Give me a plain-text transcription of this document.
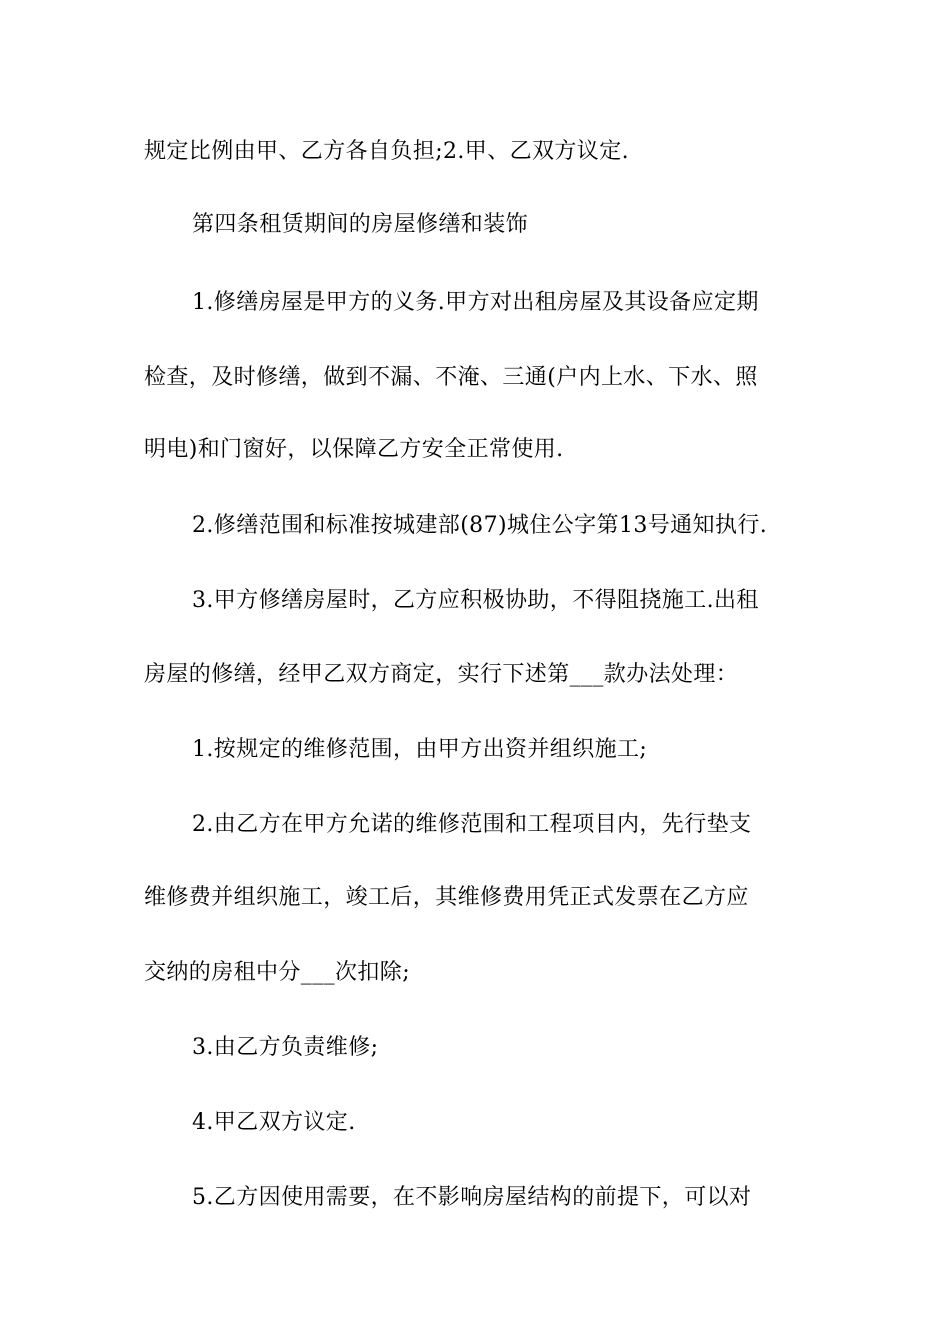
规定比例由甲、乙方各自负担;2.甲、乙双方议定.
第四条租赁期间的房屋修缮和装饰
1.修缮房屋是甲方的义务.甲方对出租房屋及其设备应定期
检查，及时修缮，做到不漏、不淹、三通(户内上水、下水、照
明电)和门窗好，以保障乙方安全正常使用.
2.修缮范围和标准按城建部(87)城住公字第13号通知执行.
3.甲方修缮房屋时，乙方应积极协助，不得阻挠施工.出租
房屋的修缮，经甲乙双方商定，实行下述第___款办法处理：
1.按规定的维修范围，由甲方出资并组织施工;
2.由乙方在甲方允诺的维修范围和工程项目内，先行垫支
维修费并组织施工，竣工后，其维修费用凭正式发票在乙方应
交纳的房租中分___次扣除;
3.由乙方负责维修;
4.甲乙双方议定.
5.乙方因使用需要，在不影响房屋结构的前提下，可以对
